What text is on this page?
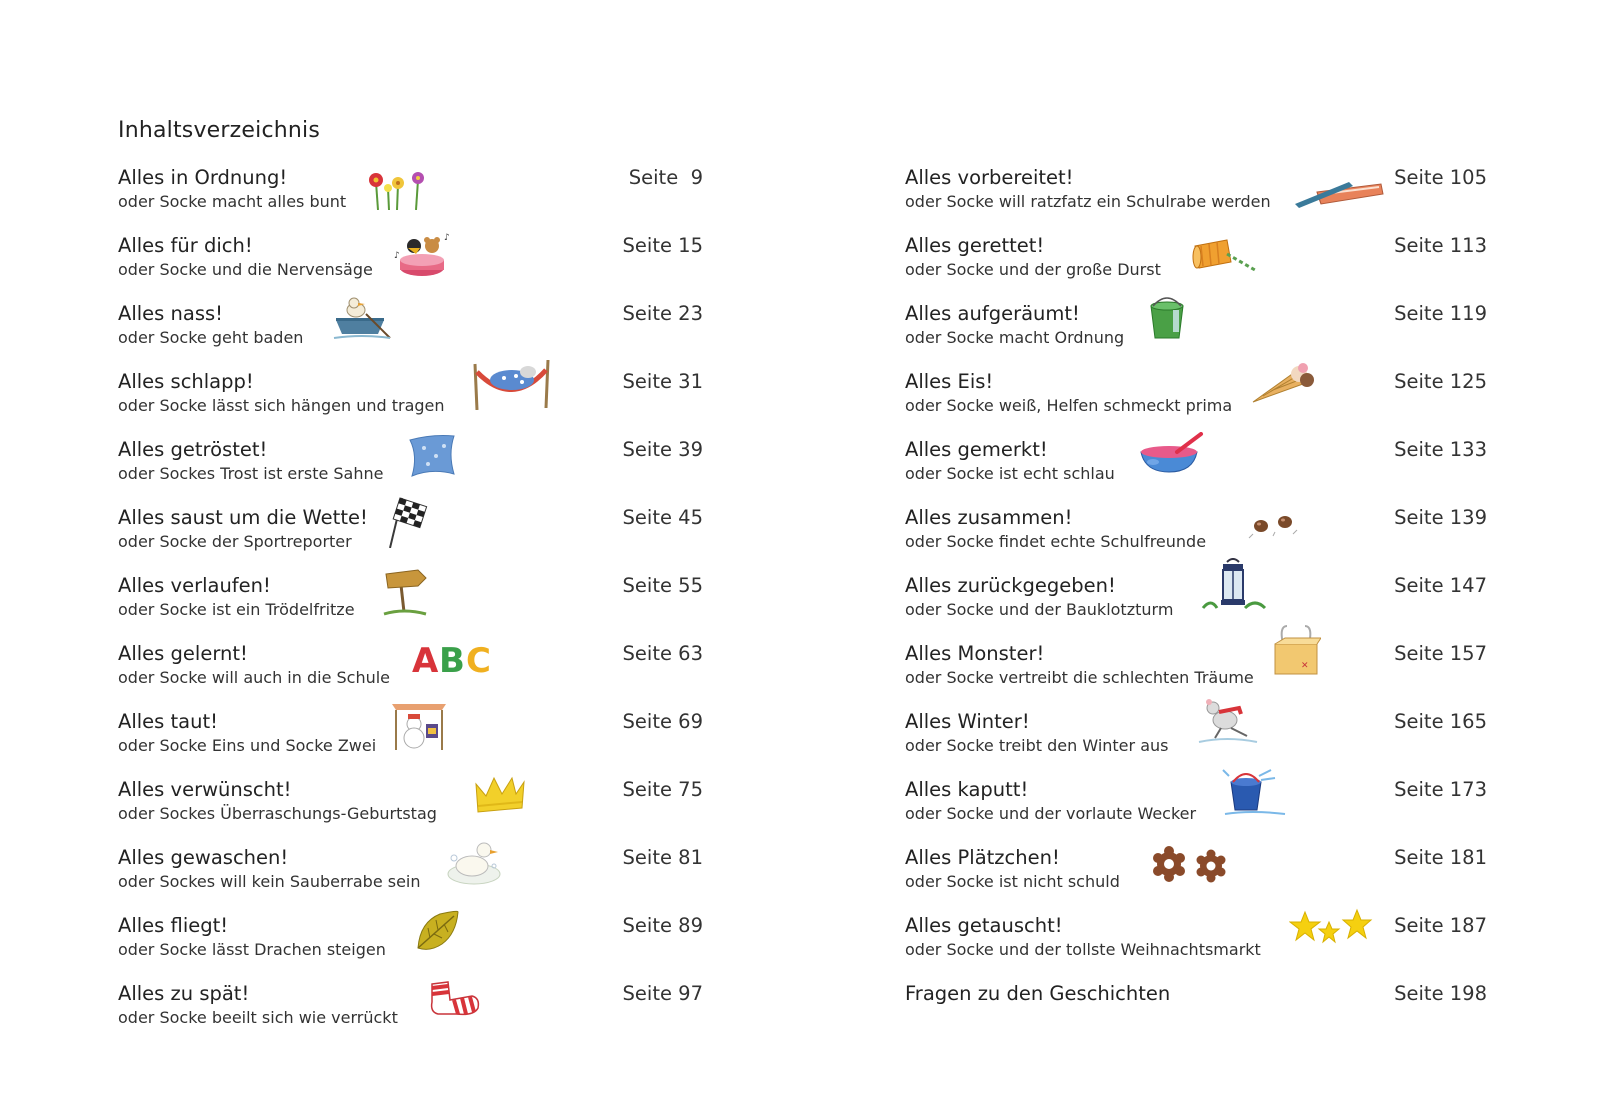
Inhaltsverzeichnis
Alles in Ordnung!
oder Socke macht alles bunt
Seite  9
Alles für dich!
oder Socke und die Nervensäge
Seite 15
♪
♪
Alles nass!
oder Socke geht baden
Seite 23
Alles schlapp!
oder Socke lässt sich hängen und tragen
Seite 31
Alles getröstet!
oder Sockes Trost ist erste Sahne
Seite 39
Alles saust um die Wette!
oder Socke der Sportreporter
Seite 45
Alles verlaufen!
oder Socke ist ein Trödelfritze
Seite 55
Alles gelernt!
oder Socke will auch in die Schule
Seite 63
A B C
Alles taut!
oder Socke Eins und Socke Zwei
Seite 69
Alles verwünscht!
oder Sockes Überraschungs-Geburtstag
Seite 75
Alles gewaschen!
oder Sockes will kein Sauberrabe sein
Seite 81
Alles fliegt!
oder Socke lässt Drachen steigen
Seite 89
Alles zu spät!
oder Socke beeilt sich wie verrückt
Seite 97
Alles vorbereitet!
oder Socke will ratzfatz ein Schulrabe werden
Seite 105
Alles gerettet!
oder Socke und der große Durst
Seite 113
Alles aufgeräumt!
oder Socke macht Ordnung
Seite 119
Alles Eis!
oder Socke weiß, Helfen schmeckt prima
Seite 125
Alles gemerkt!
oder Socke ist echt schlau
Seite 133
Alles zusammen!
oder Socke findet echte Schulfreunde
Seite 139
Alles zurückgegeben!
oder Socke und der Bauklotzturm
Seite 147
Alles Monster!
oder Socke vertreibt die schlechten Träume
Seite 157
✕
Alles Winter!
oder Socke treibt den Winter aus
Seite 165
Alles kaputt!
oder Socke und der vorlaute Wecker
Seite 173
Alles Plätzchen!
oder Socke ist nicht schuld
Seite 181
Alles getauscht!
oder Socke und der tollste Weihnachtsmarkt
Seite 187
Fragen zu den Geschichten	Seite 198
